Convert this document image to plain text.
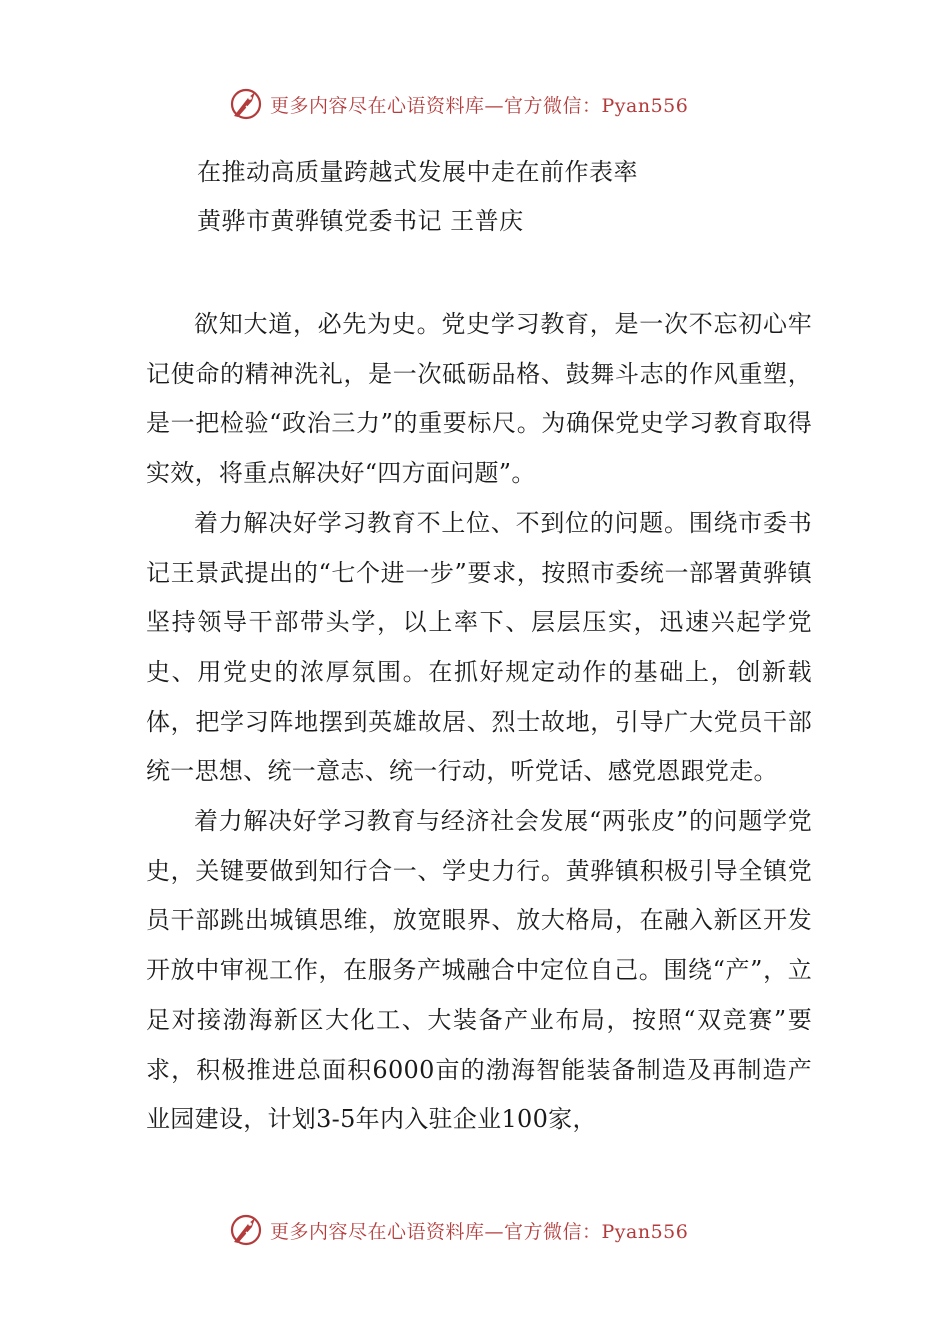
更多内容尽在心语资料库—官方微信：Pyan556
在推动高质量跨越式发展中走在前作表率
黄骅市黄骅镇党委书记 王普庆

欲知大道，必先为史。党史学习教育，是一次不忘初心牢记使命的精神洗礼，是一次砥砺品格、鼓舞斗志的作风重塑，是一把检验“政治三力”的重要标尺。为确保党史学习教育取得实效，将重点解决好“四方面问题”。

着力解决好学习教育不上位、不到位的问题。围绕市委书记王景武提出的“七个进一步”要求，按照市委统一部署黄骅镇坚持领导干部带头学，以上率下、层层压实，迅速兴起学党史、用党史的浓厚氛围。在抓好规定动作的基础上，创新载体，把学习阵地摆到英雄故居、烈士故地，引导广大党员干部统一思想、统一意志、统一行动，听党话、感党恩跟党走。

着力解决好学习教育与经济社会发展“两张皮”的问题学党史，关键要做到知行合一、学史力行。黄骅镇积极引导全镇党员干部跳出城镇思维，放宽眼界、放大格局，在融入新区开发开放中审视工作，在服务产城融合中定位自己。围绕“产”，立足对接渤海新区大化工、大装备产业布局，按照“双竞赛”要求，积极推进总面积6000亩的渤海智能装备制造及再制造产业园建设，计划3-5年内入驻企业100家，

更多内容尽在心语资料库—官方微信：Pyan556
